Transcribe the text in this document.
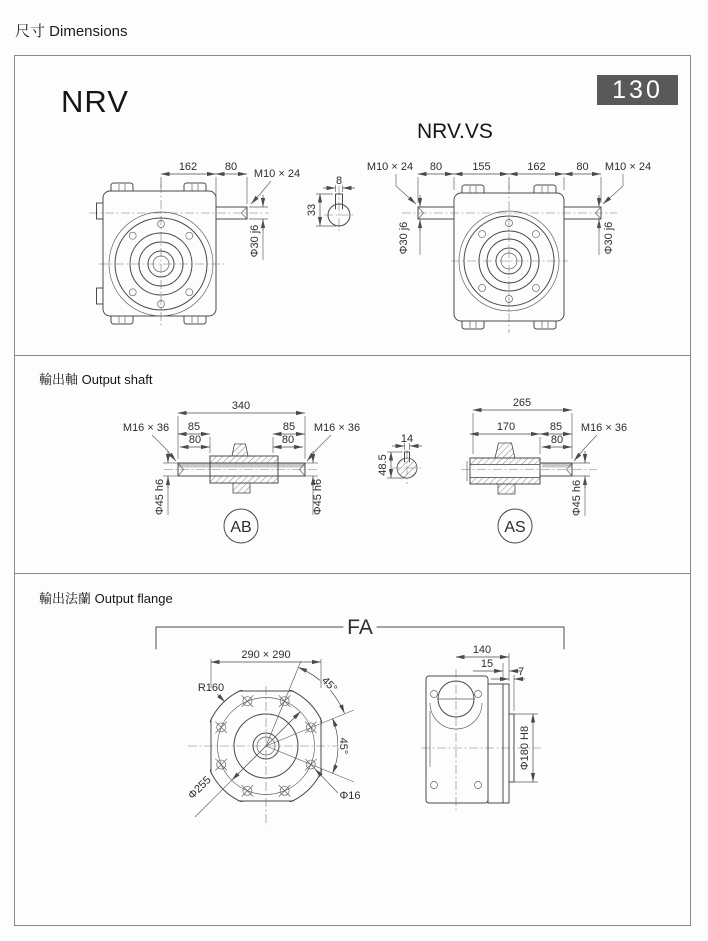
尺寸 Dimensions
NRV	130
NRV.VS
162	80
M10 × 24
Φ30 j6
8
33
80	155	162	80
M10 × 24	M10 × 24
Φ30 j6	Φ30 j6
輸出軸 Output shaft
340
85
80
85
80
M16 × 36	M16 × 36
Φ45 h6	Φ45 h6
AB
14
48.5
265
170	85
80
M16 × 36
Φ45 h6
AS
輸出法蘭 Output flange
FA
45°
45°
R160
290 × 290
Φ255	Φ16
140
15
7
Φ180 H8
